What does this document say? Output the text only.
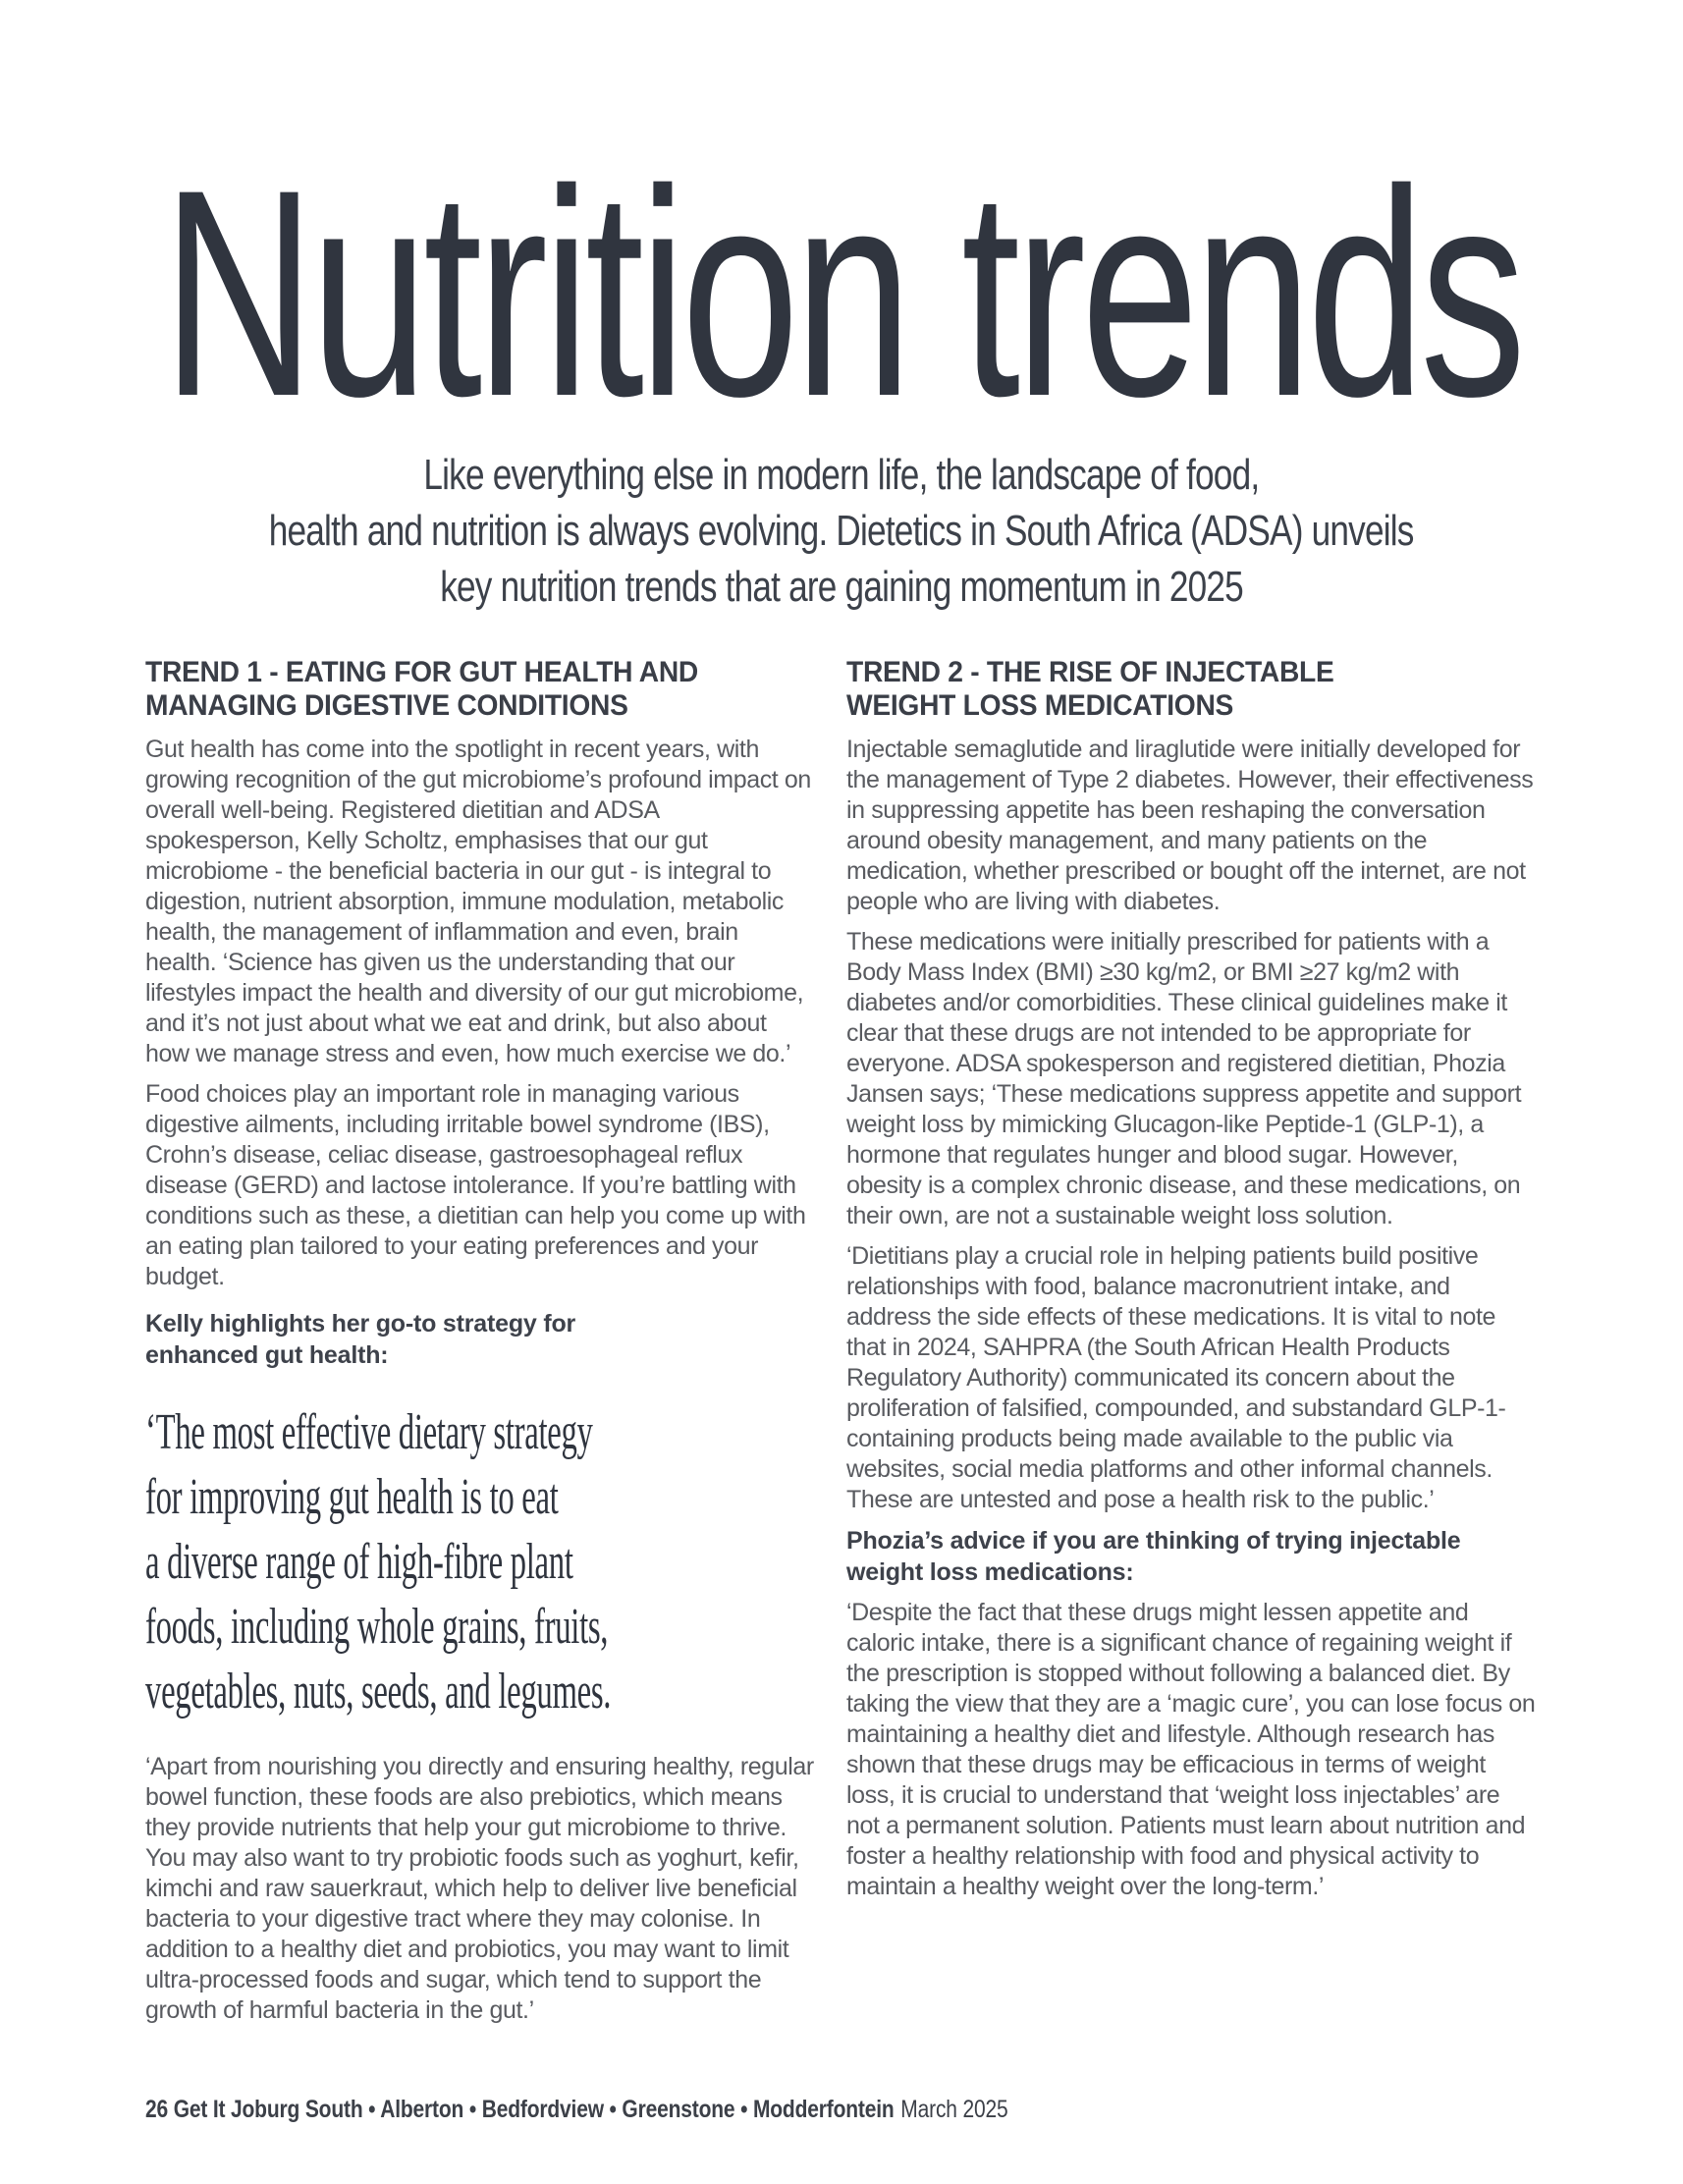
Nutrition trends
Like everything else in modern life, the landscape of food,
health and nutrition is always evolving. Dietetics in South Africa (ADSA) unveils
key nutrition trends that are gaining momentum in 2025
TREND 1 - EATING FOR GUT HEALTH AND
MANAGING DIGESTIVE CONDITIONS

Gut health has come into the spotlight in recent years, with growing recognition of the gut microbiome’s profound impact on overall well-being. Registered dietitian and ADSA spokesperson, Kelly Scholtz, emphasises that our gut microbiome - the beneficial bacteria in our gut - is integral to digestion, nutrient absorption, immune modulation, metabolic health, the management of inflammation and even, brain health. ‘Science has given us the understanding that our lifestyles impact the health and diversity of our gut microbiome, and it’s not just about what we eat and drink, but also about how we manage stress and even, how much exercise we do.’

Food choices play an important role in managing various digestive ailments, including irritable bowel syndrome (IBS), Crohn’s disease, celiac disease, gastroesophageal reflux disease (GERD) and lactose intolerance. If you’re battling with conditions such as these, a dietitian can help you come up with an eating plan tailored to your eating preferences and your budget.

Kelly highlights her go-to strategy for
enhanced gut health:
‘The most effective dietary strategy
for improving gut health is to eat
a diverse range of high-fibre plant
foods, including whole grains, fruits,
vegetables, nuts, seeds, and legumes.

‘Apart from nourishing you directly and ensuring healthy, regular bowel function, these foods are also prebiotics, which means they provide nutrients that help your gut microbiome to thrive. You may also want to try probiotic foods such as yoghurt, kefir, kimchi and raw sauerkraut, which help to deliver live beneficial bacteria to your digestive tract where they may colonise. In addition to a healthy diet and probiotics, you may want to limit ultra-processed foods and sugar, which tend to support the growth of harmful bacteria in the gut.’

TREND 2 - THE RISE OF INJECTABLE
WEIGHT LOSS MEDICATIONS

Injectable semaglutide and liraglutide were initially developed for the management of Type 2 diabetes. However, their effectiveness in suppressing appetite has been reshaping the conversation around obesity management, and many patients on the medication, whether prescribed or bought off the internet, are not people who are living with diabetes.

These medications were initially prescribed for patients with a Body Mass Index (BMI) ≥30 kg/m2, or BMI ≥27 kg/m2 with diabetes and/or comorbidities. These clinical guidelines make it clear that these drugs are not intended to be appropriate for everyone. ADSA spokesperson and registered dietitian, Phozia Jansen says; ‘These medications suppress appetite and support weight loss by mimicking Glucagon-like Peptide-1 (GLP-1), a hormone that regulates hunger and blood sugar. However, obesity is a complex chronic disease, and these medications, on their own, are not a sustainable weight loss solution.

‘Dietitians play a crucial role in helping patients build positive relationships with food, balance macronutrient intake, and address the side effects of these medications. It is vital to note that in 2024, SAHPRA (the South African Health Products Regulatory Authority) communicated its concern about the proliferation of falsified, compounded, and substandard GLP-1-containing products being made available to the public via websites, social media platforms and other informal channels. These are untested and pose a health risk to the public.’

Phozia’s advice if you are thinking of trying injectable
weight loss medications:

‘Despite the fact that these drugs might lessen appetite and caloric intake, there is a significant chance of regaining weight if the prescription is stopped without following a balanced diet. By taking the view that they are a ‘magic cure’, you can lose focus on maintaining a healthy diet and lifestyle. Although research has shown that these drugs may be efficacious in terms of weight loss, it is crucial to understand that ‘weight loss injectables’ are not a permanent solution. Patients must learn about nutrition and foster a healthy relationship with food and physical activity to maintain a healthy weight over the long-term.’

26 Get It Joburg South • Alberton • Bedfordview • Greenstone • Modderfontein March 2025
